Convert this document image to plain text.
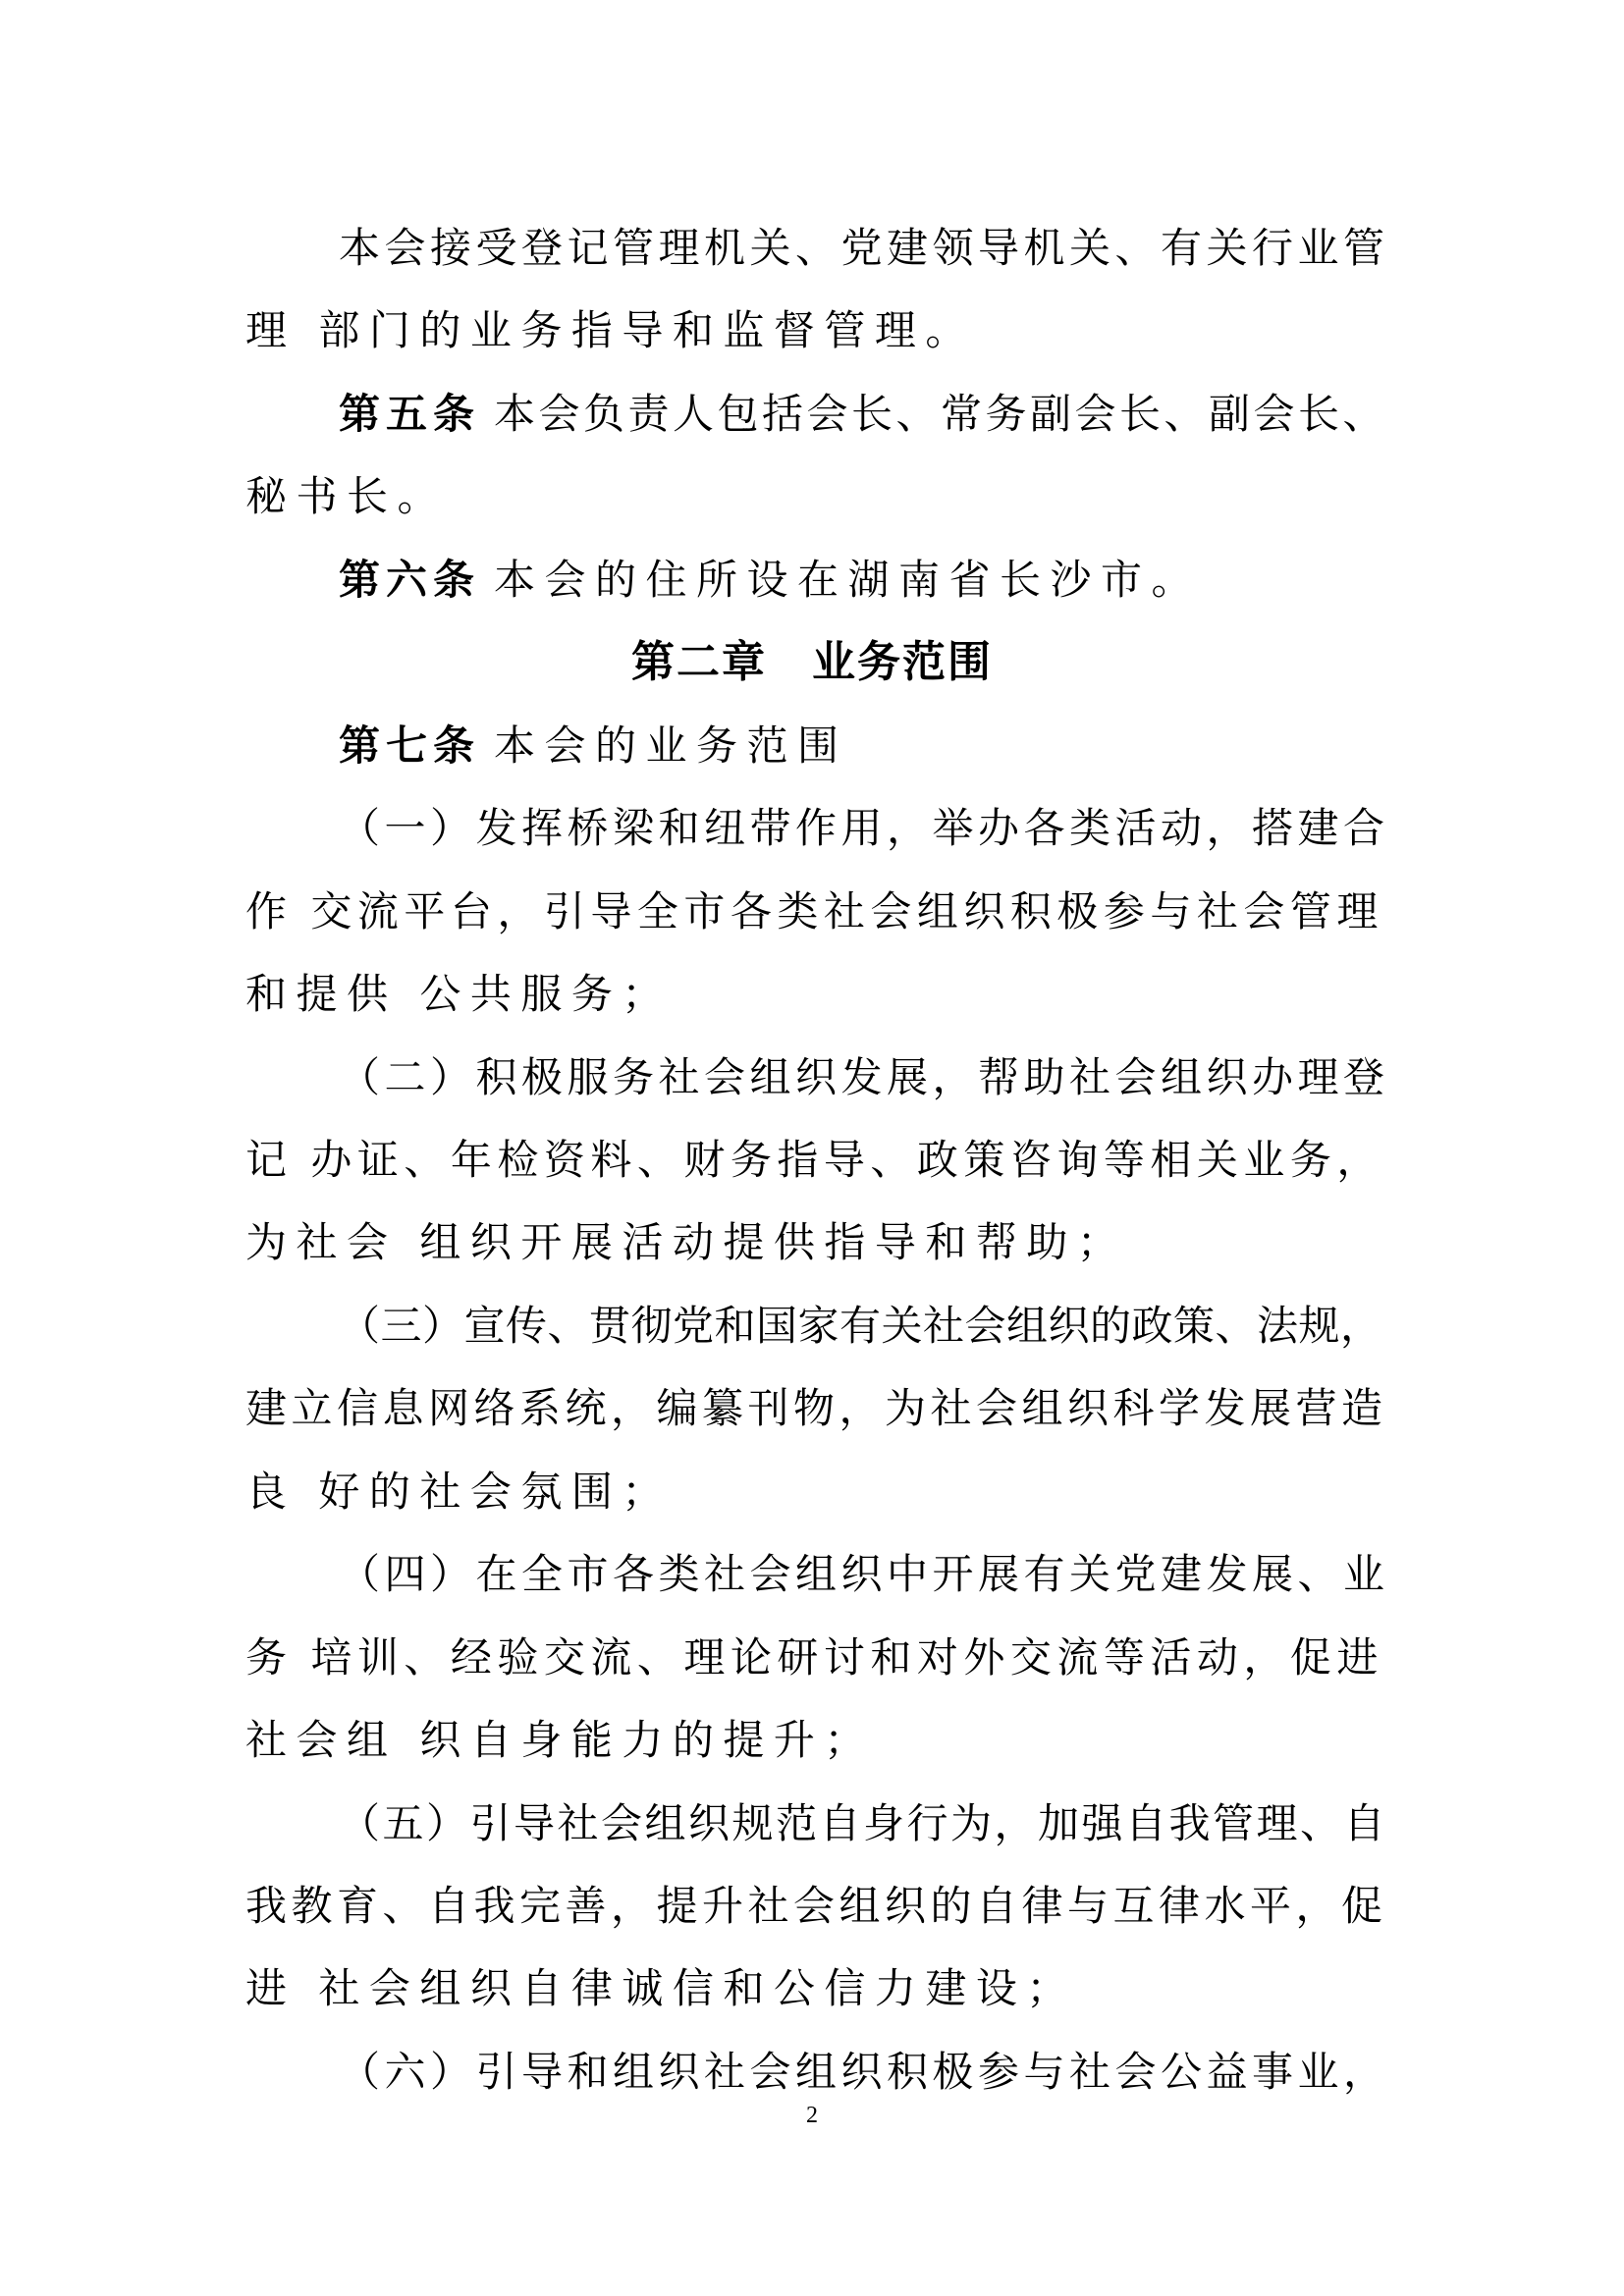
本会接受登记管理机关、党建领导机关、有关行业管
理 部门的业务指导和监督管理。
第五条 本会负责人包括会长、常务副会长、副会长、
秘书长。
第六条 本会的住所设在湖南省长沙市。
第二章　业务范围
第七条 本会的业务范围
（一）发挥桥梁和纽带作用，举办各类活动，搭建合
作 交流平台，引导全市各类社会组织积极参与社会管理
和提供 公共服务；
（二）积极服务社会组织发展，帮助社会组织办理登
记 办证、年检资料、财务指导、政策咨询等相关业务，
为社会 组织开展活动提供指导和帮助；
（三）宣传、贯彻党和国家有关社会组织的政策、法规，
建立信息网络系统，编纂刊物，为社会组织科学发展营造
良 好的社会氛围；
（四）在全市各类社会组织中开展有关党建发展、业
务 培训、经验交流、理论研讨和对外交流等活动，促进
社会组 织自身能力的提升；
（五）引导社会组织规范自身行为，加强自我管理、自
我教育、自我完善，提升社会组织的自律与互律水平，促
进 社会组织自律诚信和公信力建设；
（六）引导和组织社会组织积极参与社会公益事业，
2
